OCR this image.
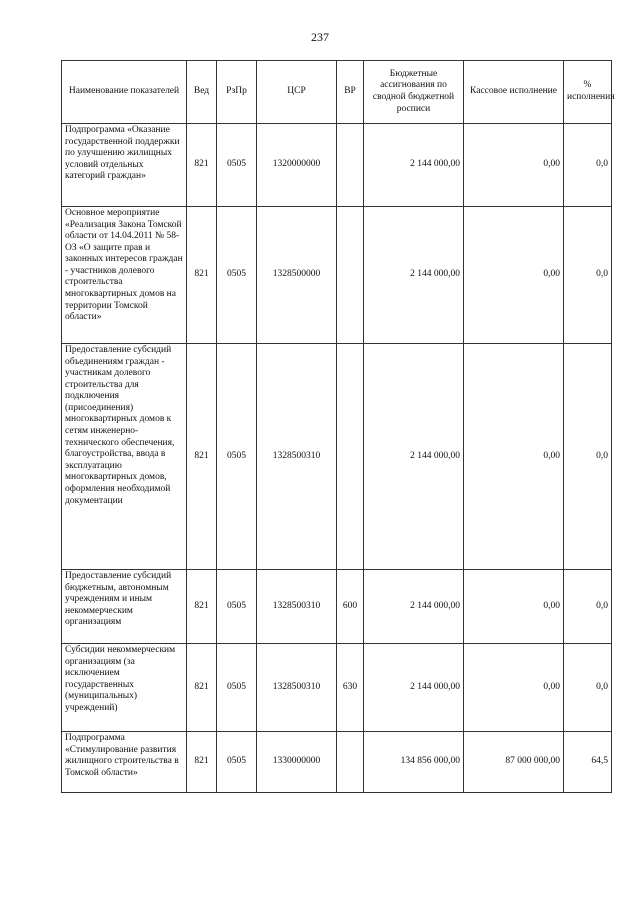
237
Наименование показателей	Вед	РзПр	ЦСР	ВР	Бюджетные ассигнования по сводной бюджетной росписи	Кассовое исполнение	% исполнения
Подпрограмма «Оказание государственной поддержки по улучшению жилищных условий отдельных категорий граждан»	821	0505	1320000000		2 144 000,00	0,00	0,0
Основное мероприятие «Реализация Закона Томской области от 14.04.2011 № 58-ОЗ «О защите прав и законных интересов граждан - участников долевого строительства многоквартирных домов на территории Томской области»	821	0505	1328500000		2 144 000,00	0,00	0,0
Предоставление субсидий объединениям граждан - участникам долевого строительства для подключения (присоединения) многоквартирных домов к сетям инженерно-технического обеспечения, благоустройства, ввода в эксплуатацию многоквартирных домов, оформления необходимой документации	821	0505	1328500310		2 144 000,00	0,00	0,0
Предоставление субсидий бюджетным, автономным учреждениям и иным некоммерческим организациям	821	0505	1328500310	600	2 144 000,00	0,00	0,0
Субсидии некоммерческим организациям (за исключением государственных (муниципальных) учреждений)	821	0505	1328500310	630	2 144 000,00	0,00	0,0
Подпрограмма «Стимулирование развития жилищного строительства в Томской области»	821	0505	1330000000		134 856 000,00	87 000 000,00	64,5
